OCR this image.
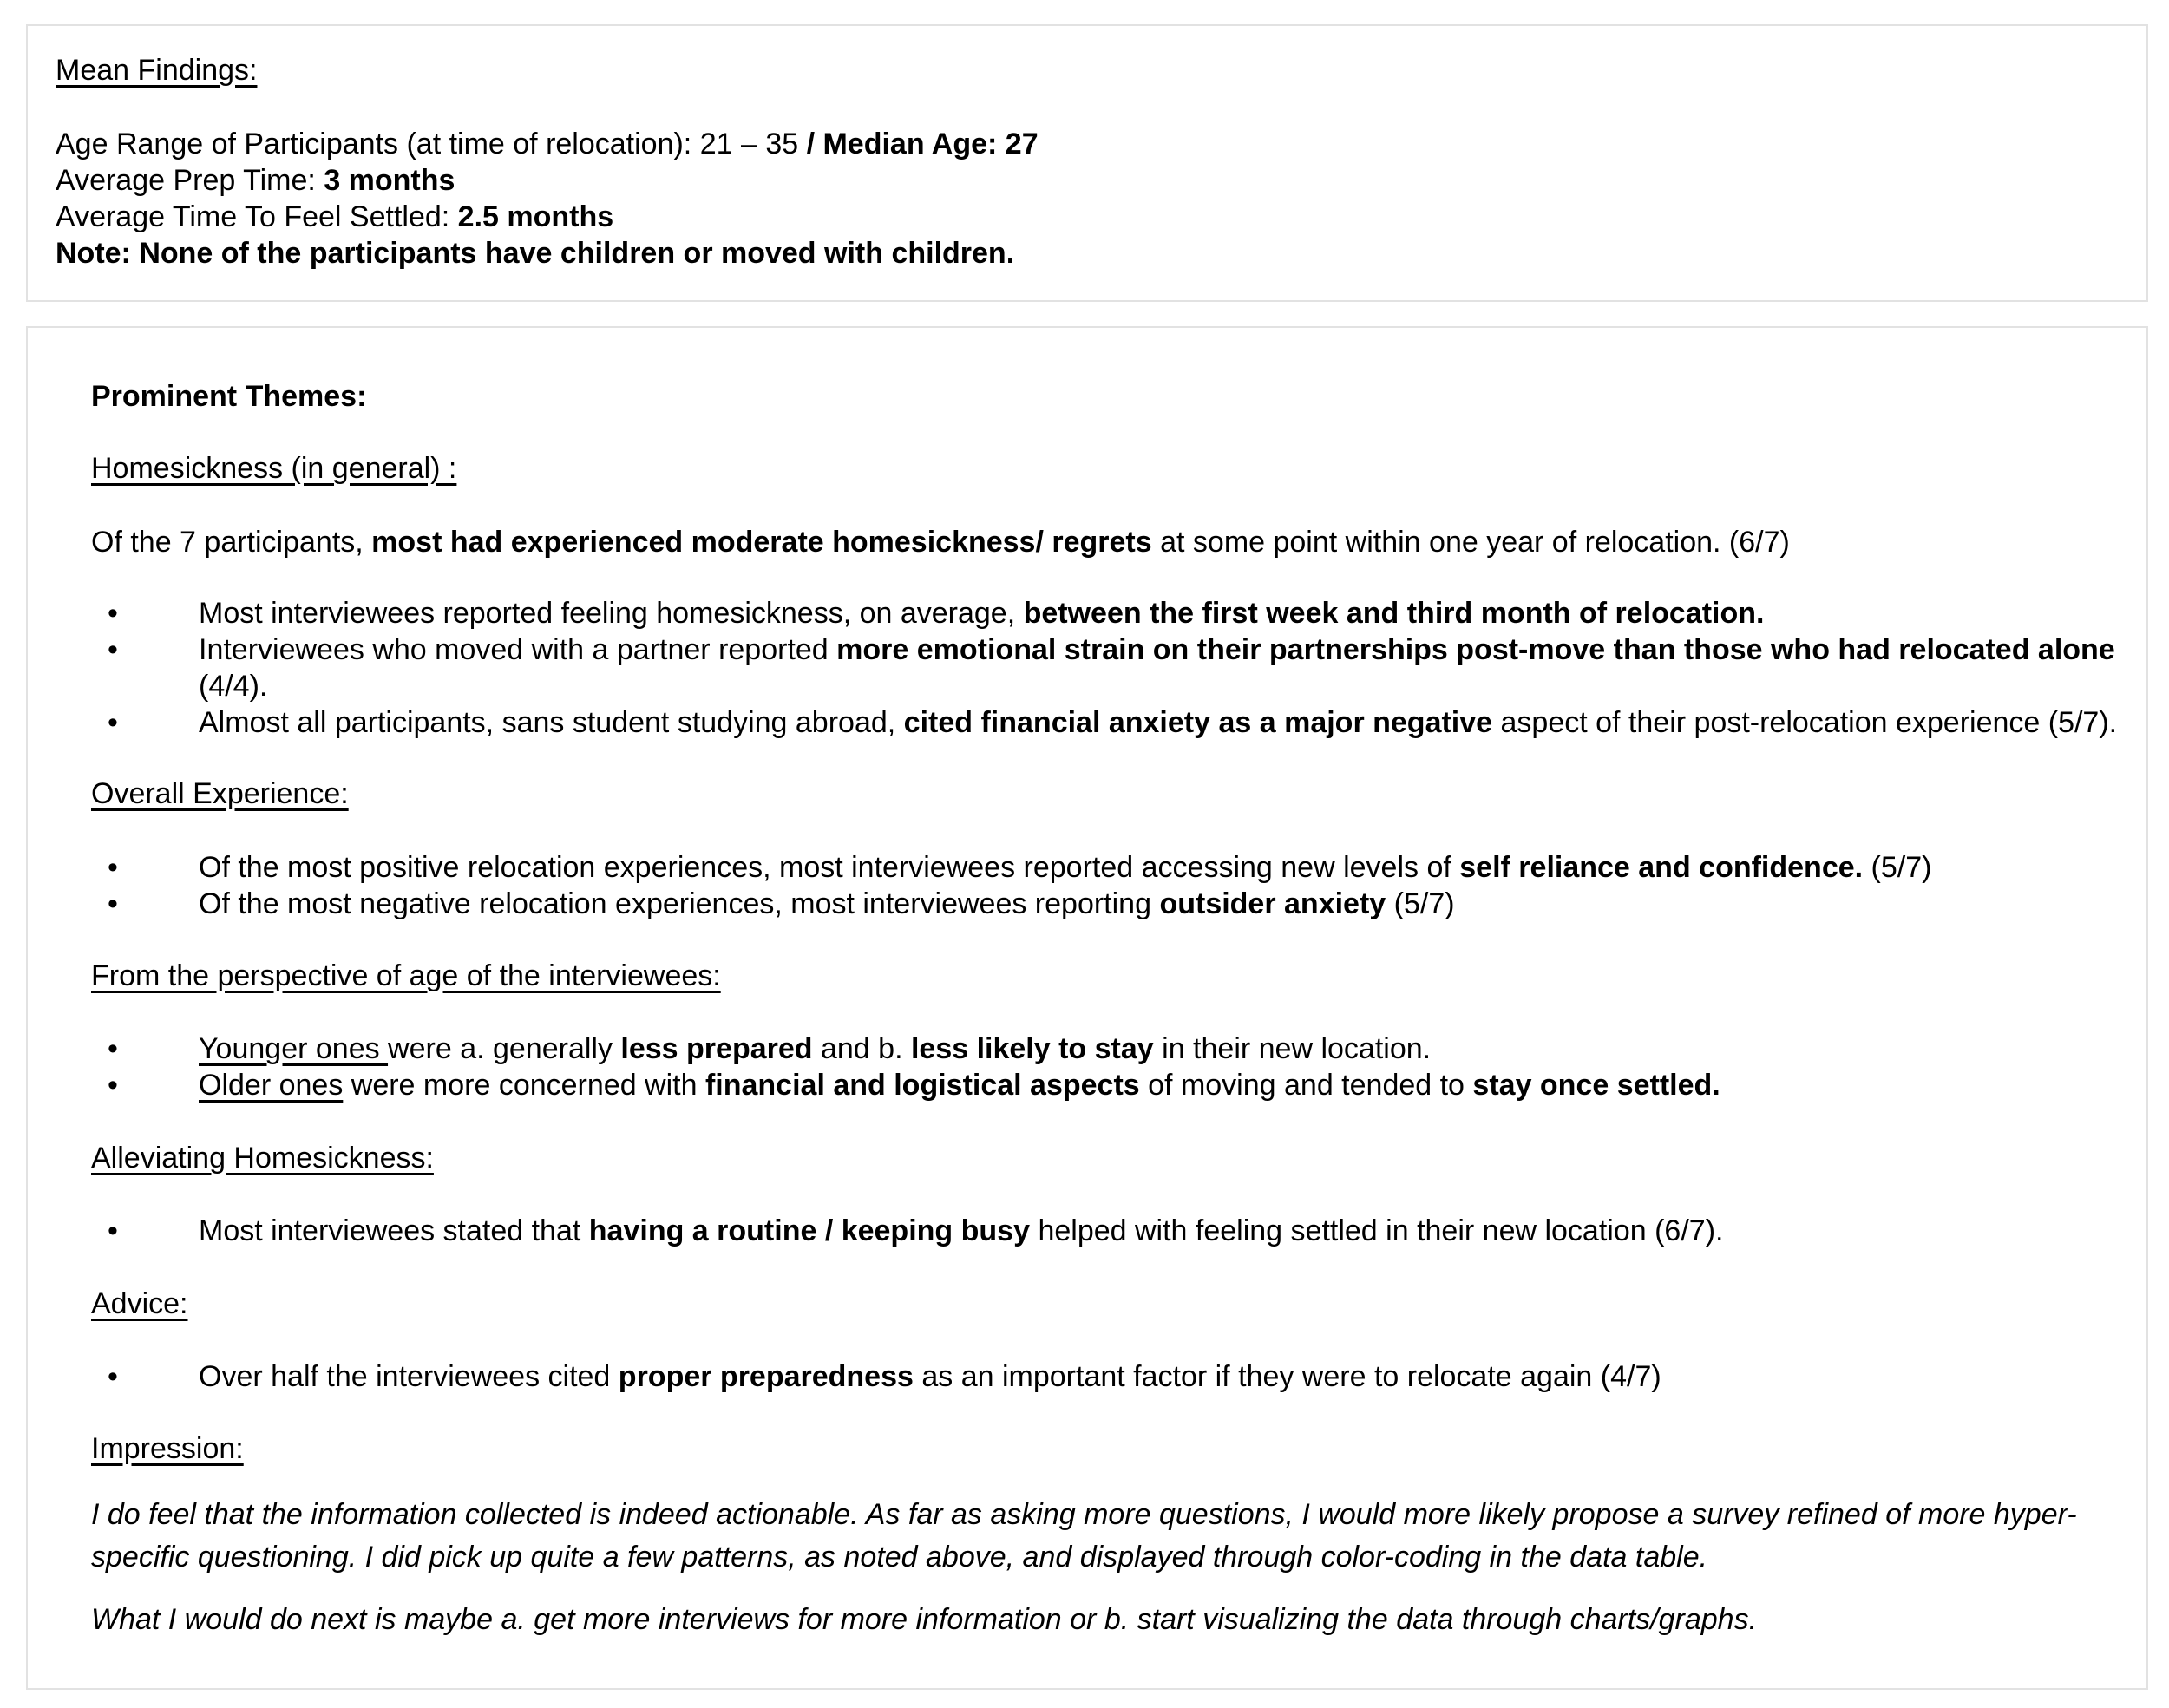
Mean Findings:
Age Range of Participants (at time of relocation): 21 – 35 / Median Age: 27
Average Prep Time: 3 months
Average Time To Feel Settled: 2.5 months
Note: None of the participants have children or moved with children.
Prominent Themes:
Homesickness (in general) :
Of the 7 participants, most had experienced moderate homesickness/ regrets at some point within one year of relocation. (6/7)
•	Most interviewees reported feeling homesickness, on average, between the first week and third month of relocation.
•	Interviewees who moved with a partner reported more emotional strain on their partnerships post-move than those who had relocated alone (4/4).
•	Almost all participants, sans student studying abroad, cited financial anxiety as a major negative aspect of their post-relocation experience (5/7).
Overall Experience:
•	Of the most positive relocation experiences, most interviewees reported accessing new levels of self reliance and confidence. (5/7)
•	Of the most negative relocation experiences, most interviewees reporting outsider anxiety (5/7)
From the perspective of age of the interviewees:
•	Younger ones were a. generally less prepared and b. less likely to stay in their new location.
•	Older ones were more concerned with financial and logistical aspects of moving and tended to stay once settled.
Alleviating Homesickness:
•	Most interviewees stated that having a routine / keeping busy helped with feeling settled in their new location (6/7).
Advice:
•	Over half the interviewees cited proper preparedness as an important factor if they were to relocate again (4/7)
Impression:
I do feel that the information collected is indeed actionable. As far as asking more questions, I would more likely propose a survey refined of more hyper-specific questioning. I did pick up quite a few patterns, as noted above, and displayed through color-coding in the data table.
What I would do next is maybe a. get more interviews for more information or b. start visualizing the data through charts/graphs.
